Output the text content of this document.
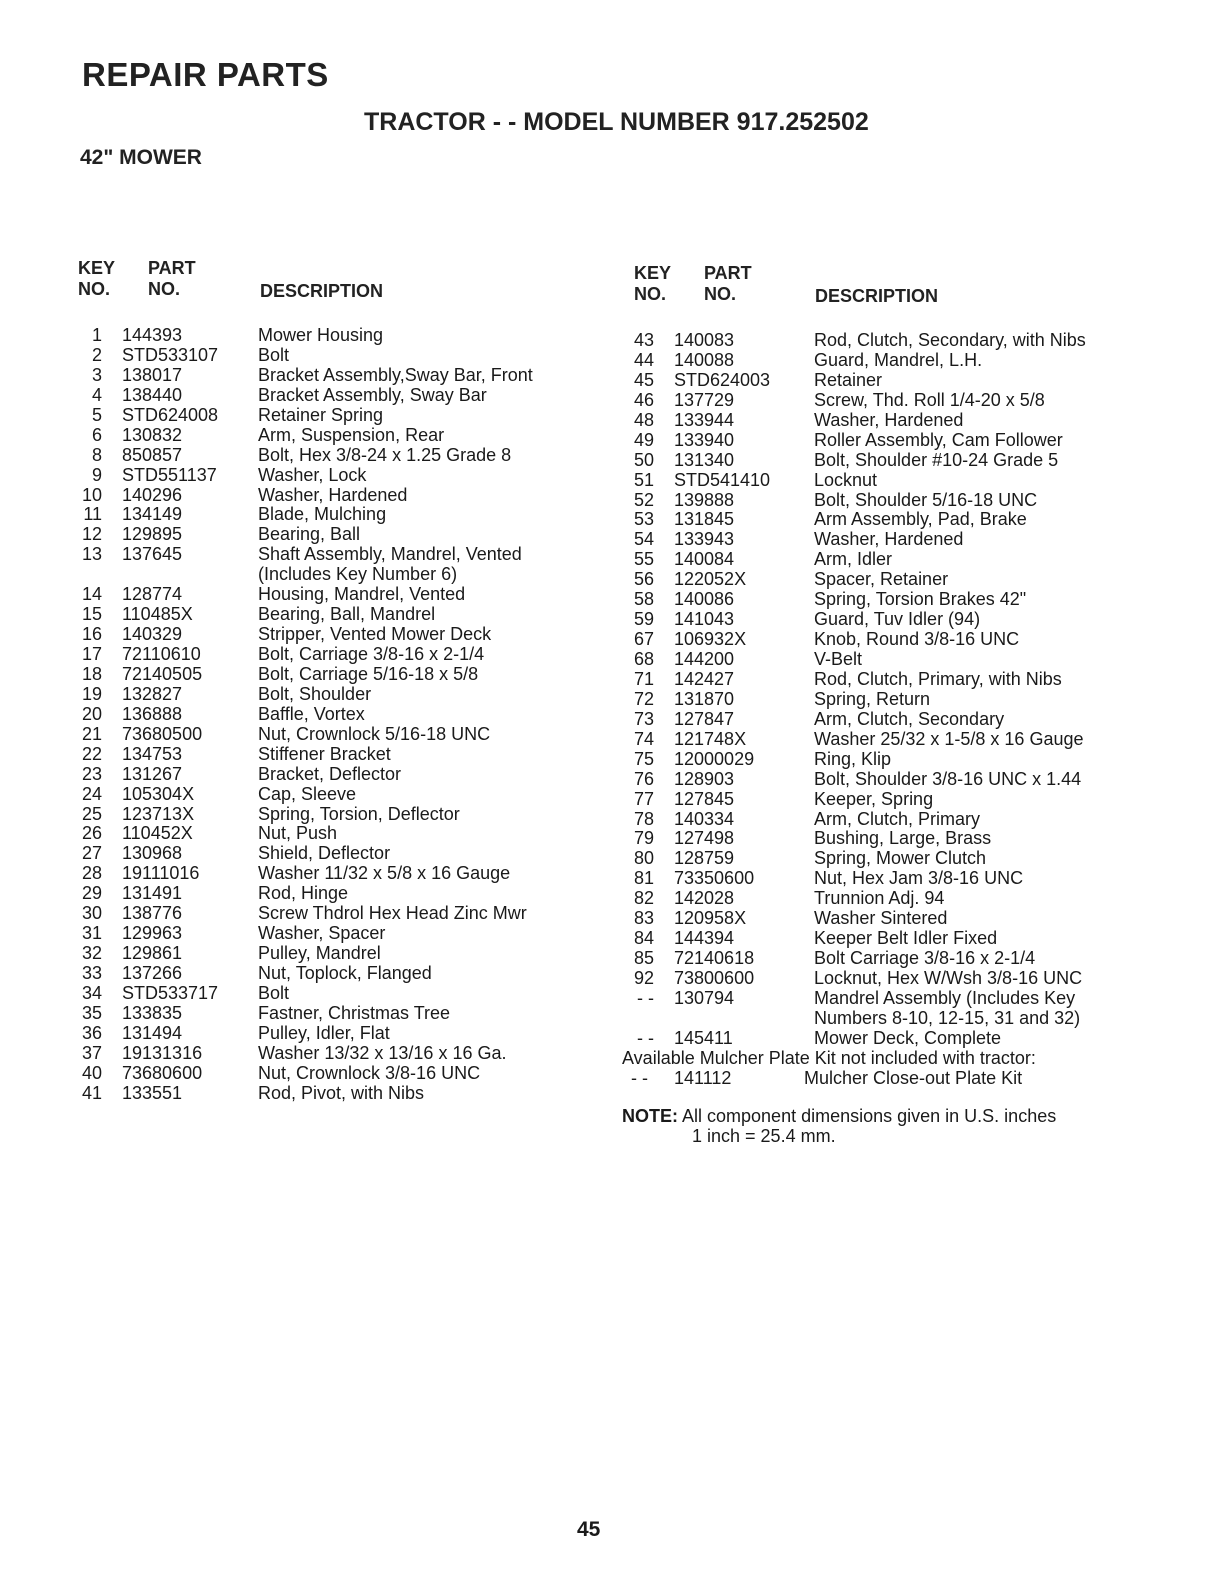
REPAIR PARTS
TRACTOR - - MODEL NUMBER 917.252502
42" MOWER
KEY
NO.
PART
NO.	DESCRIPTION
KEY
NO.
PART
NO.	DESCRIPTION
1 144393	Mower Housing
2 STD533107 Bolt
3 138017	Bracket Assembly,Sway Bar, Front
4 138440	Bracket Assembly, Sway Bar
5 STD624008 Retainer Spring
6 130832	Arm, Suspension, Rear
8 850857	Bolt, Hex 3/8-24 x 1.25 Grade 8
9 STD551137 Washer, Lock
10 140296	Washer, Hardened
11 134149	Blade, Mulching
12 129895	Bearing, Ball
13 137645	Shaft Assembly, Mandrel, Vented
(Includes Key Number 6)
14 128774	Housing, Mandrel, Vented
15 110485X	Bearing, Ball, Mandrel
16 140329	Stripper, Vented Mower Deck
17 72110610	Bolt, Carriage 3/8-16 x 2-1/4
18 72140505	Bolt, Carriage 5/16-18 x 5/8
19 132827	Bolt, Shoulder
20 136888	Baffle, Vortex
21 73680500	Nut, Crownlock 5/16-18 UNC
22 134753	Stiffener Bracket
23 131267	Bracket, Deflector
24 105304X	Cap, Sleeve
25 123713X	Spring, Torsion, Deflector
26 110452X	Nut, Push
27 130968	Shield, Deflector
28 19111016	Washer 11/32 x 5/8 x 16 Gauge
29 131491	Rod, Hinge
30 138776	Screw Thdrol Hex Head Zinc Mwr
31 129963	Washer, Spacer
32 129861	Pulley, Mandrel
33 137266	Nut, Toplock, Flanged
34 STD533717 Bolt
35 133835	Fastner, Christmas Tree
36 131494	Pulley, Idler, Flat
37 19131316	Washer 13/32 x 13/16 x 16 Ga.
40 73680600	Nut, Crownlock 3/8-16 UNC
41 133551	Rod, Pivot, with Nibs
43 140083	Rod, Clutch, Secondary, with Nibs
44 140088	Guard, Mandrel, L.H.
45 STD624003 Retainer
46 137729	Screw, Thd. Roll 1/4-20 x 5/8
48 133944	Washer, Hardened
49 133940	Roller Assembly, Cam Follower
50 131340	Bolt, Shoulder #10-24 Grade 5
51 STD541410 Locknut
52 139888	Bolt, Shoulder 5/16-18 UNC
53 131845	Arm Assembly, Pad, Brake
54 133943	Washer, Hardened
55 140084	Arm, Idler
56 122052X	Spacer, Retainer
58 140086	Spring, Torsion Brakes 42"
59 141043	Guard, Tuv Idler (94)
67 106932X	Knob, Round 3/8-16 UNC
68 144200	V-Belt
71 142427	Rod, Clutch, Primary, with Nibs
72 131870	Spring, Return
73 127847	Arm, Clutch, Secondary
74 121748X	Washer 25/32 x 1-5/8 x 16 Gauge
75 12000029	Ring, Klip
76 128903	Bolt, Shoulder 3/8-16 UNC x 1.44
77 127845	Keeper, Spring
78 140334	Arm, Clutch, Primary
79 127498	Bushing, Large, Brass
80 128759	Spring, Mower Clutch
81 73350600	Nut, Hex Jam 3/8-16 UNC
82 142028	Trunnion Adj. 94
83 120958X	Washer Sintered
84 144394	Keeper Belt Idler Fixed
85 72140618	Bolt Carriage 3/8-16 x 2-1/4
92 73800600	Locknut, Hex W/Wsh 3/8-16 UNC
- - 130794	Mandrel Assembly (Includes Key
Numbers 8-10, 12-15, 31 and 32)
- - 145411	Mower Deck, Complete
Available Mulcher Plate Kit not included with tractor:
- - 141112	Mulcher Close-out Plate Kit
NOTE: All component dimensions given in U.S. inches
1 inch = 25.4 mm.
45
